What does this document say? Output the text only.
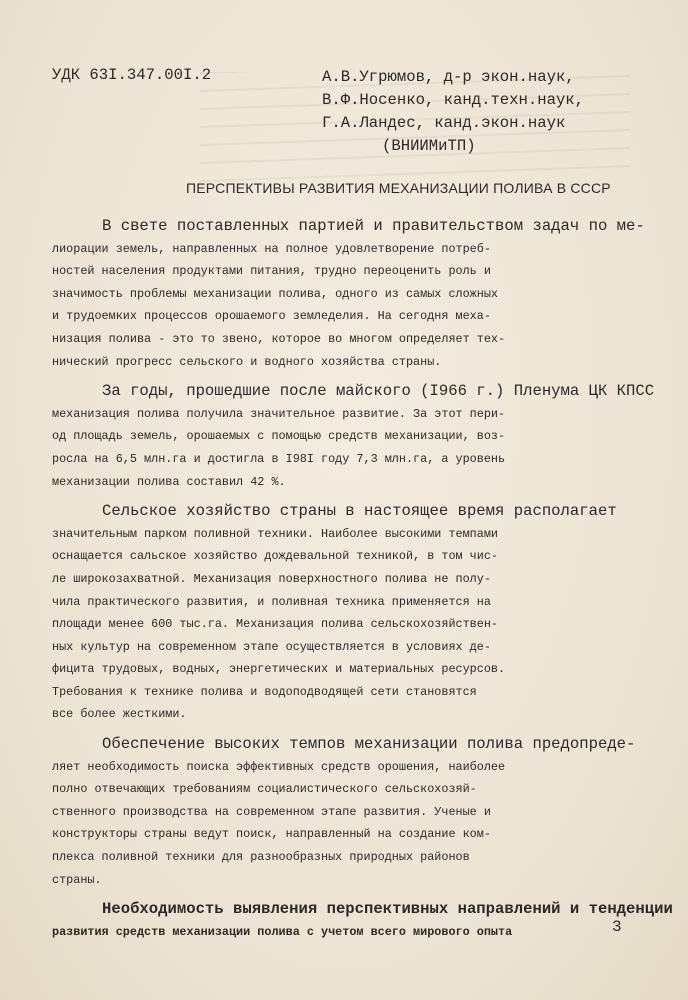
УДК 63I.347.00I.2	А.В.Угрюмов, д-р экон.наук,
В.Ф.Носенко, канд.техн.наук,
Г.А.Ландес, канд.экон.наук
(ВНИИМиТП)
ПЕРСПЕКТИВЫ РАЗВИТИЯ МЕХАНИЗАЦИИ ПОЛИВА В СССР

В свете поставленных партией и правительством задач по ме-
лиорации земель, направленных на полное удовлетворение потреб-
ностей населения продуктами питания, трудно переоценить роль и
значимость проблемы механизации полива, одного из самых сложных
и трудоемких процессов орошаемого земледелия. На сегодня меха-
низация полива - это то звено, которое во многом определяет тех-
нический прогресс сельского и водного хозяйства страны.

За годы, прошедшие после майского (I966 г.) Пленума ЦК КПСС
механизация полива получила значительное развитие. За этот пери-
од площадь земель, орошаемых с помощью средств механизации, воз-
росла на 6,5 млн.га и достигла в I98I году 7,3 млн.га, а уровень
механизации полива составил 42 %.

Сельское хозяйство страны в настоящее время располагает
значительным парком поливной техники. Наиболее высокими темпами
оснащается сальское хозяйство дождевальной техникой, в том чис-
ле широкозахватной. Механизация поверхностного полива не полу-
чила практического развития, и поливная техника применяется на
площади менее 600 тыс.га. Механизация полива сельскохозяйствен-
ных культур на современном этапе осуществляется в условиях де-
фицита трудовых, водных, энергетических и материальных ресурсов.
Требования к технике полива и водоподводящей сети становятся
все более жесткими.

Обеспечение высоких темпов механизации полива предопреде-
ляет необходимость поиска эффективных средств орошения, наиболее
полно отвечающих требованиям социалистического сельскохозяй-
ственного производства на современном этапе развития. Ученые и
конструкторы страны ведут поиск, направленный на создание ком-
плекса поливной техники для разнообразных природных районов
страны.

Необходимость выявления перспективных направлений и тенденции
развития средств механизации полива с учетом всего мирового опыта	3
